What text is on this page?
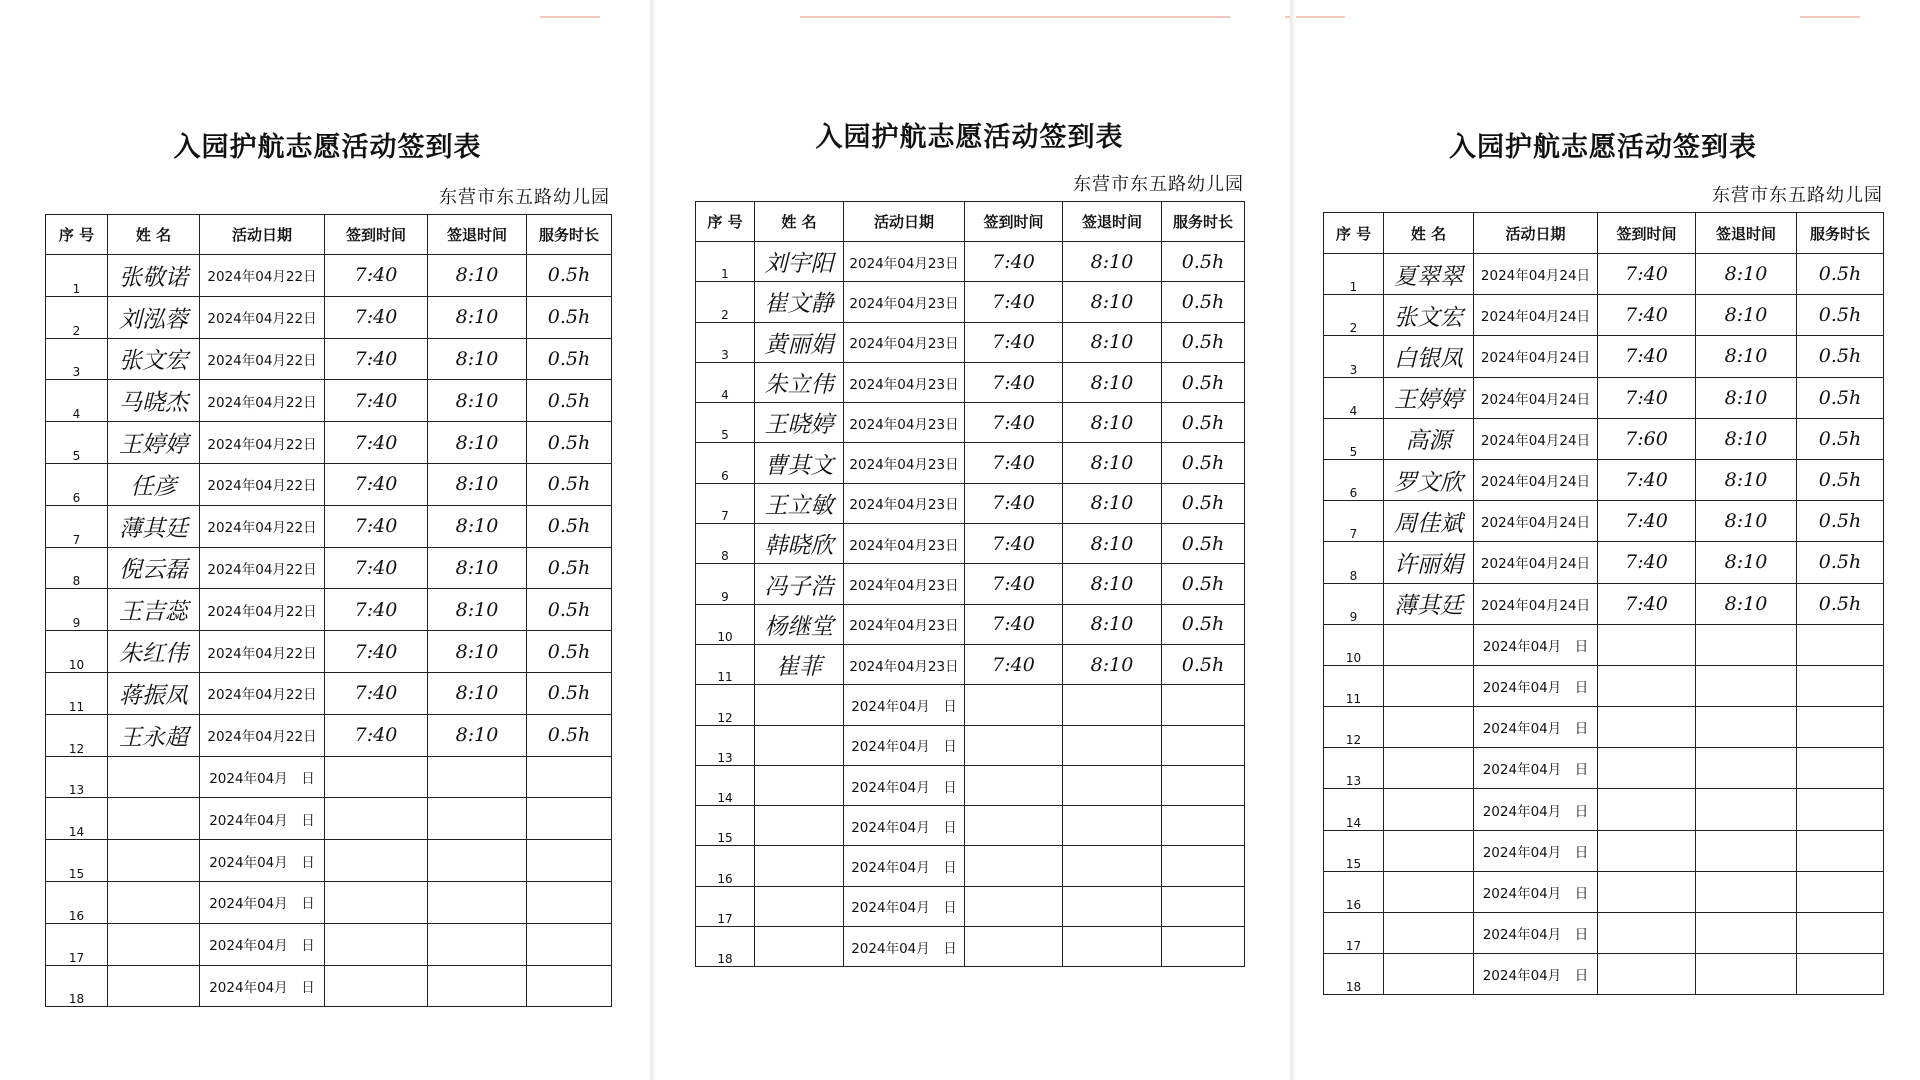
入园护航志愿活动签到表
东营市东五路幼儿园
序 号	姓 名	活动日期	签到时间	签退时间	服务时长
1	张敬诺	2024年04月22日	7:40	8:10	0.5h
2	刘泓蓉	2024年04月22日	7:40	8:10	0.5h
3	张文宏	2024年04月22日	7:40	8:10	0.5h
4	马晓杰	2024年04月22日	7:40	8:10	0.5h
5	王婷婷	2024年04月22日	7:40	8:10	0.5h
6	任彦	2024年04月22日	7:40	8:10	0.5h
7	薄其廷	2024年04月22日	7:40	8:10	0.5h
8	倪云磊	2024年04月22日	7:40	8:10	0.5h
9	王吉蕊	2024年04月22日	7:40	8:10	0.5h
10	朱红伟	2024年04月22日	7:40	8:10	0.5h
11	蒋振凤	2024年04月22日	7:40	8:10	0.5h
12	王永超	2024年04月22日	7:40	8:10	0.5h
13		2024年04月　日			
14		2024年04月　日			
15		2024年04月　日			
16		2024年04月　日			
17		2024年04月　日			
18		2024年04月　日			
入园护航志愿活动签到表
东营市东五路幼儿园
序 号	姓 名	活动日期	签到时间	签退时间	服务时长
1	刘宇阳	2024年04月23日	7:40	8:10	0.5h
2	崔文静	2024年04月23日	7:40	8:10	0.5h
3	黄丽娟	2024年04月23日	7:40	8:10	0.5h
4	朱立伟	2024年04月23日	7:40	8:10	0.5h
5	王晓婷	2024年04月23日	7:40	8:10	0.5h
6	曹其文	2024年04月23日	7:40	8:10	0.5h
7	王立敏	2024年04月23日	7:40	8:10	0.5h
8	韩晓欣	2024年04月23日	7:40	8:10	0.5h
9	冯子浩	2024年04月23日	7:40	8:10	0.5h
10	杨继堂	2024年04月23日	7:40	8:10	0.5h
11	崔菲	2024年04月23日	7:40	8:10	0.5h
12		2024年04月　日			
13		2024年04月　日			
14		2024年04月　日			
15		2024年04月　日			
16		2024年04月　日			
17		2024年04月　日			
18		2024年04月　日			
入园护航志愿活动签到表
东营市东五路幼儿园
序 号	姓 名	活动日期	签到时间	签退时间	服务时长
1	夏翠翠	2024年04月24日	7:40	8:10	0.5h
2	张文宏	2024年04月24日	7:40	8:10	0.5h
3	白银凤	2024年04月24日	7:40	8:10	0.5h
4	王婷婷	2024年04月24日	7:40	8:10	0.5h
5	高源	2024年04月24日	7:60	8:10	0.5h
6	罗文欣	2024年04月24日	7:40	8:10	0.5h
7	周佳斌	2024年04月24日	7:40	8:10	0.5h
8	许丽娟	2024年04月24日	7:40	8:10	0.5h
9	薄其廷	2024年04月24日	7:40	8:10	0.5h
10		2024年04月　日			
11		2024年04月　日			
12		2024年04月　日			
13		2024年04月　日			
14		2024年04月　日			
15		2024年04月　日			
16		2024年04月　日			
17		2024年04月　日			
18		2024年04月　日			
